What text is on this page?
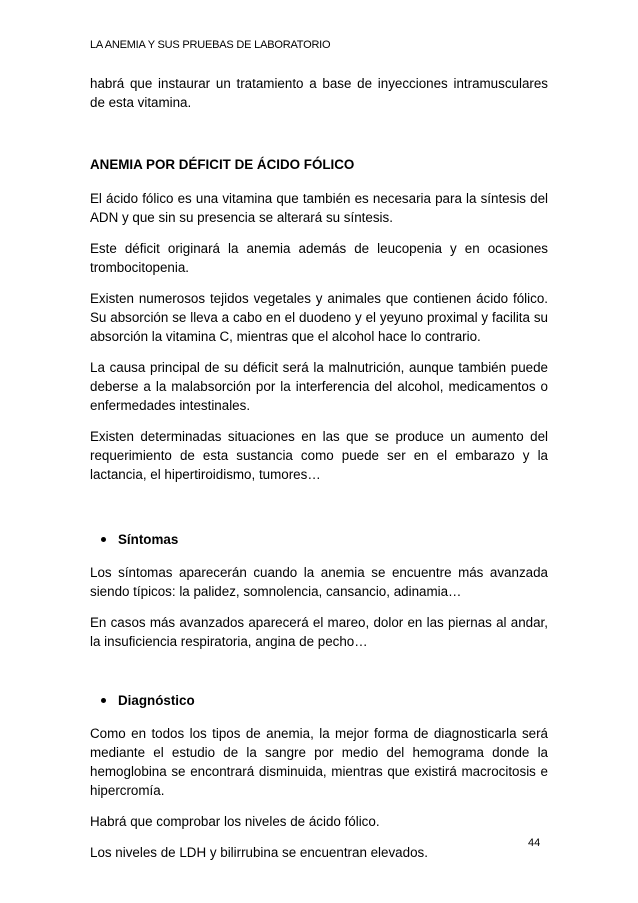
LA ANEMIA Y SUS PRUEBAS DE LABORATORIO

habrá que instaurar un tratamiento a base de inyecciones intramusculares de esta vitamina.

ANEMIA POR DÉFICIT DE ÁCIDO FÓLICO

El ácido fólico es una vitamina que también es necesaria para la síntesis del ADN y que sin su presencia se alterará su síntesis.

Este déficit originará la anemia además de leucopenia y en ocasiones trombocitopenia.

Existen numerosos tejidos vegetales y animales que contienen ácido fólico. Su absorción se lleva a cabo en el duodeno y el yeyuno proximal y facilita su absorción la vitamina C, mientras que el alcohol hace lo contrario.

La causa principal de su déficit será la malnutrición, aunque también puede deberse a la malabsorción por la interferencia del alcohol, medicamentos o enfermedades intestinales.

Existen determinadas situaciones en las que se produce un aumento del requerimiento de esta sustancia como puede ser en el embarazo y la lactancia, el hipertiroidismo, tumores…

Síntomas

Los síntomas aparecerán cuando la anemia se encuentre más avanzada siendo típicos: la palidez, somnolencia, cansancio, adinamia…

En casos más avanzados aparecerá el mareo, dolor en las piernas al andar, la insuficiencia respiratoria, angina de pecho…

Diagnóstico

Como en todos los tipos de anemia, la mejor forma de diagnosticarla será mediante el estudio de la sangre por medio del hemograma donde la hemoglobina se encontrará disminuida, mientras que existirá macrocitosis e hipercromía.

Habrá que comprobar los niveles de ácido fólico.

Los niveles de LDH y bilirrubina se encuentran elevados.

44
